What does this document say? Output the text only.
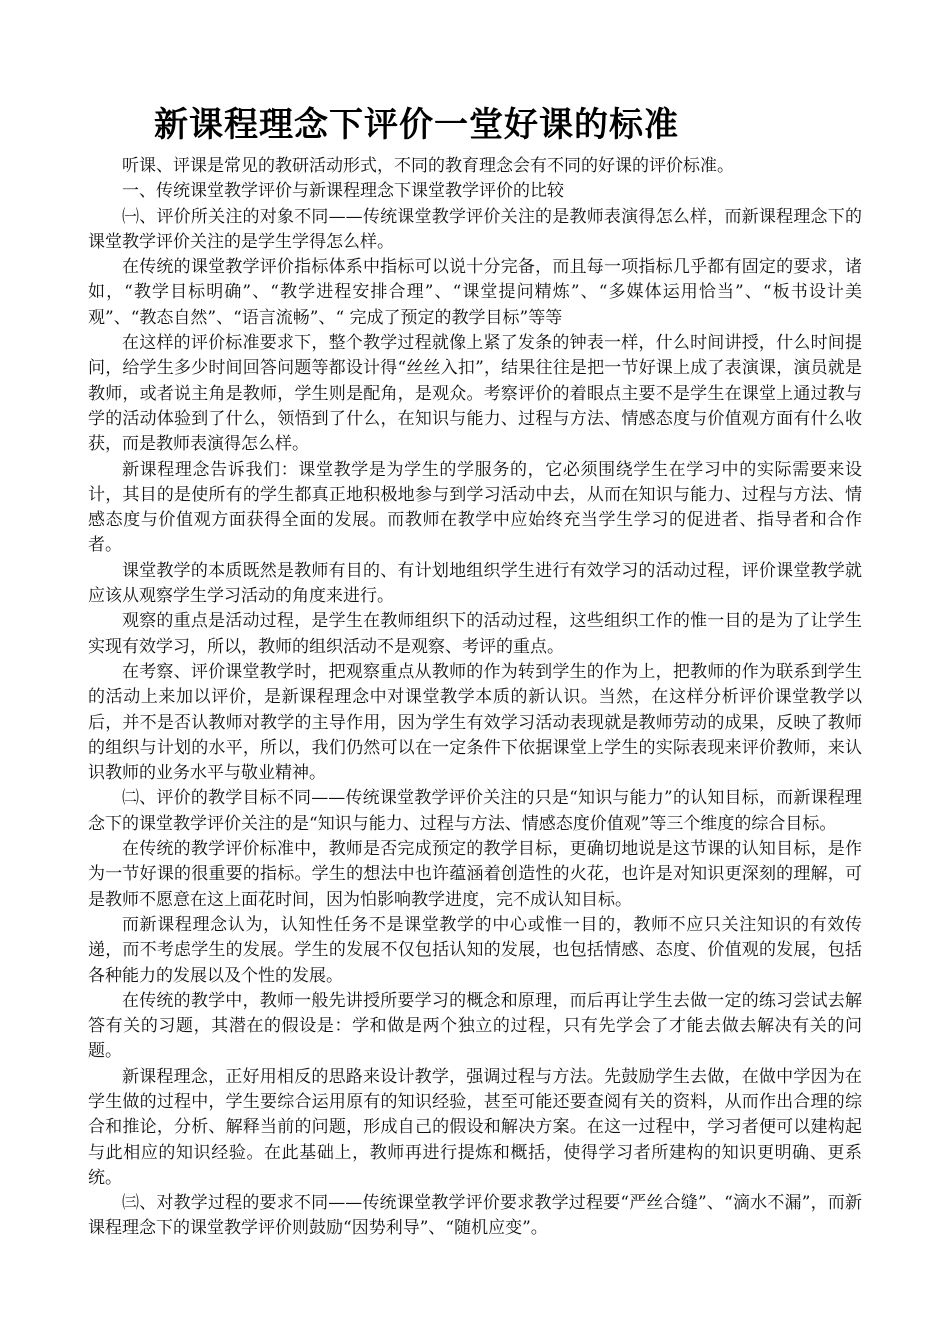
新课程理念下评价一堂好课的标准

听课、评课是常见的教研活动形式，不同的教育理念会有不同的好课的评价标准。

一、传统课堂教学评价与新课程理念下课堂教学评价的比较

㈠、评价所关注的对象不同——传统课堂教学评价关注的是教师表演得怎么样，而新课程理念下的课堂教学评价关注的是学生学得怎么样。

在传统的课堂教学评价指标体系中指标可以说十分完备，而且每一项指标几乎都有固定的要求，诸如，“教学目标明确”、“教学进程安排合理”、“课堂提问精炼”、“多媒体运用恰当”、“板书设计美观”、“教态自然”、“语言流畅”、“ 完成了预定的教学目标”等等

在这样的评价标准要求下，整个教学过程就像上紧了发条的钟表一样，什么时间讲授，什么时间提问，给学生多少时间回答问题等都设计得“丝丝入扣”，结果往往是把一节好课上成了表演课，演员就是教师，或者说主角是教师，学生则是配角，是观众。考察评价的着眼点主要不是学生在课堂上通过教与学的活动体验到了什么，领悟到了什么，在知识与能力、过程与方法、情感态度与价值观方面有什么收获，而是教师表演得怎么样。

新课程理念告诉我们：课堂教学是为学生的学服务的，它必须围绕学生在学习中的实际需要来设计，其目的是使所有的学生都真正地积极地参与到学习活动中去，从而在知识与能力、过程与方法、情感态度与价值观方面获得全面的发展。而教师在教学中应始终充当学生学习的促进者、指导者和合作者。

课堂教学的本质既然是教师有目的、有计划地组织学生进行有效学习的活动过程，评价课堂教学就应该从观察学生学习活动的角度来进行。

观察的重点是活动过程，是学生在教师组织下的活动过程，这些组织工作的惟一目的是为了让学生实现有效学习，所以，教师的组织活动不是观察、考评的重点。

在考察、评价课堂教学时，把观察重点从教师的作为转到学生的作为上，把教师的作为联系到学生的活动上来加以评价，是新课程理念中对课堂教学本质的新认识。当然，在这样分析评价课堂教学以后，并不是否认教师对教学的主导作用，因为学生有效学习活动表现就是教师劳动的成果，反映了教师的组织与计划的水平，所以，我们仍然可以在一定条件下依据课堂上学生的实际表现来评价教师，来认识教师的业务水平与敬业精神。

㈡、评价的教学目标不同——传统课堂教学评价关注的只是“知识与能力”的认知目标，而新课程理念下的课堂教学评价关注的是“知识与能力、过程与方法、情感态度价值观”等三个维度的综合目标。

在传统的教学评价标准中，教师是否完成预定的教学目标，更确切地说是这节课的认知目标，是作为一节好课的很重要的指标。学生的想法中也许蕴涵着创造性的火花，也许是对知识更深刻的理解，可是教师不愿意在这上面花时间，因为怕影响教学进度，完不成认知目标。

而新课程理念认为，认知性任务不是课堂教学的中心或惟一目的，教师不应只关注知识的有效传递，而不考虑学生的发展。学生的发展不仅包括认知的发展，也包括情感、态度、价值观的发展，包括各种能力的发展以及个性的发展。

在传统的教学中，教师一般先讲授所要学习的概念和原理，而后再让学生去做一定的练习尝试去解答有关的习题，其潜在的假设是：学和做是两个独立的过程，只有先学会了才能去做去解决有关的问题。

新课程理念，正好用相反的思路来设计教学，强调过程与方法。先鼓励学生去做，在做中学因为在学生做的过程中，学生要综合运用原有的知识经验，甚至可能还要查阅有关的资料，从而作出合理的综合和推论，分析、解释当前的问题，形成自己的假设和解决方案。在这一过程中，学习者便可以建构起与此相应的知识经验。在此基础上，教师再进行提炼和概括，使得学习者所建构的知识更明确、更系统。

㈢、对教学过程的要求不同——传统课堂教学评价要求教学过程要“严丝合缝”、“滴水不漏”，而新课程理念下的课堂教学评价则鼓励“因势利导”、“随机应变”。
